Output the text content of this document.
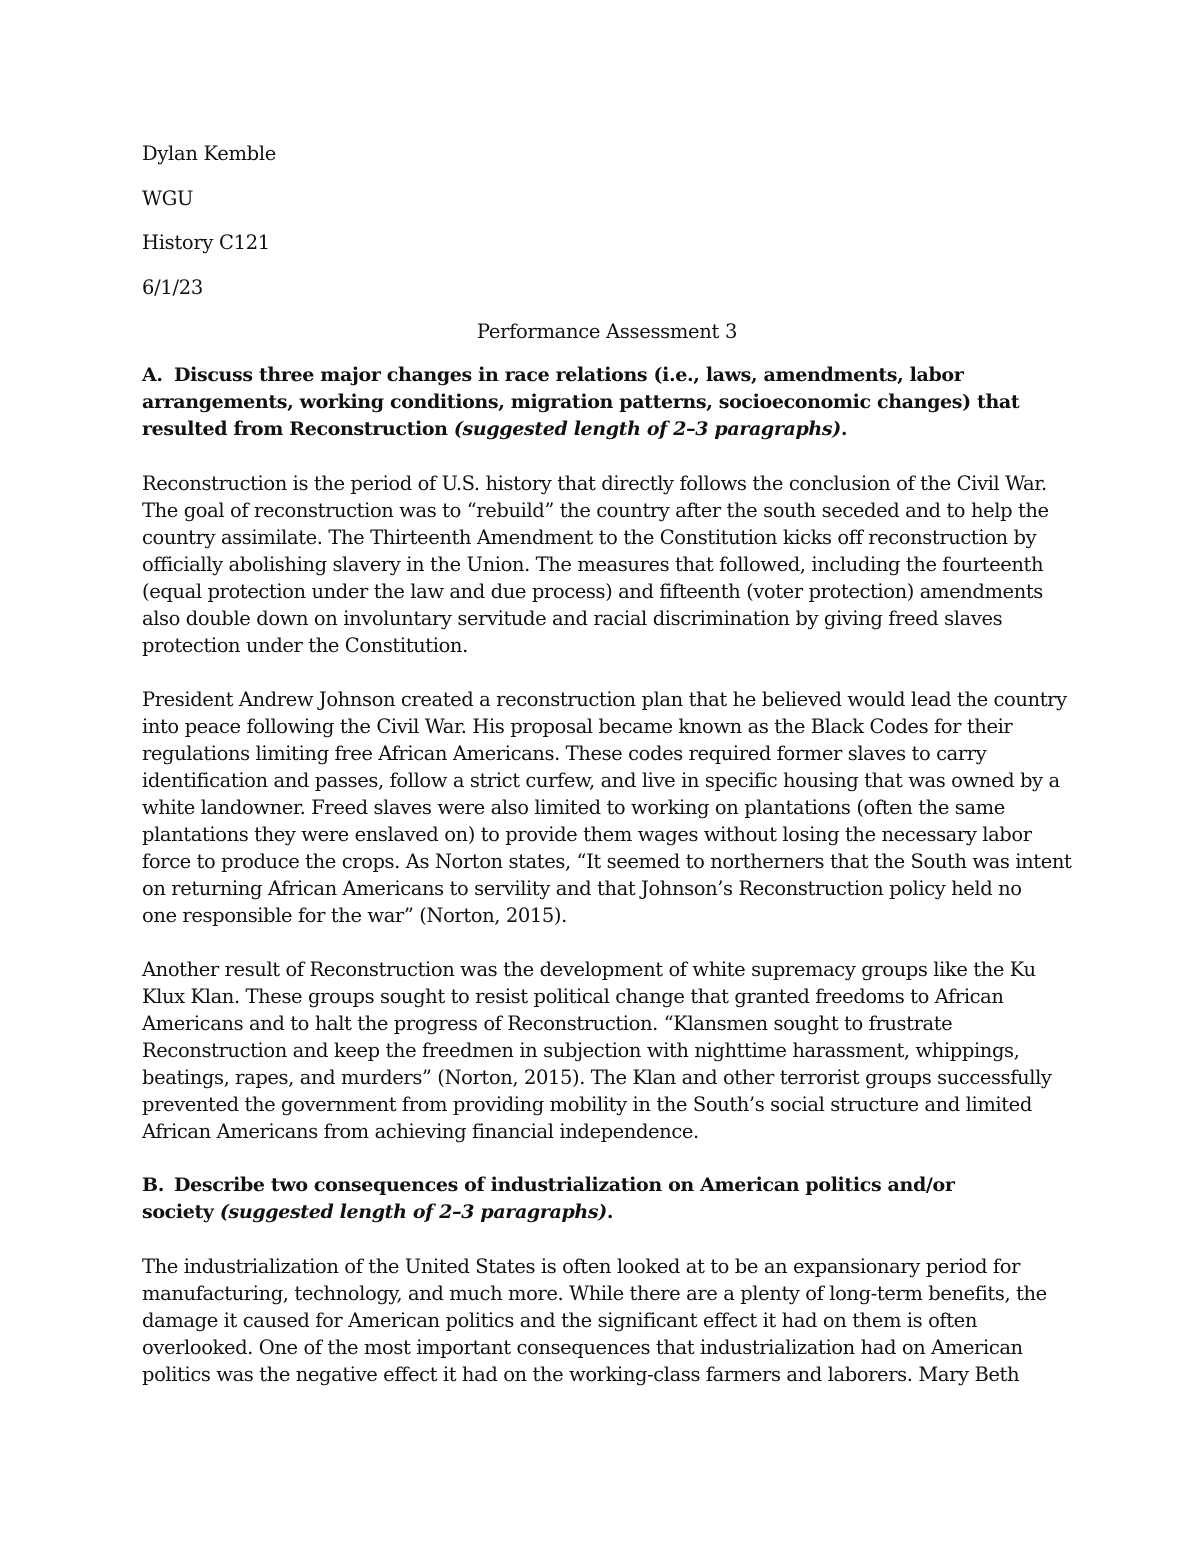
Dylan Kemble
WGU
History C121
6/1/23
Performance Assessment 3
A. Discuss three major changes in race relations (i.e., laws, amendments, labor
arrangements, working conditions, migration patterns, socioeconomic changes) that
resulted from Reconstruction (suggested length of 2–3 paragraphs).
Reconstruction is the period of U.S. history that directly follows the conclusion of the Civil War.
The goal of reconstruction was to “rebuild” the country after the south seceded and to help the
country assimilate. The Thirteenth Amendment to the Constitution kicks off reconstruction by
officially abolishing slavery in the Union. The measures that followed, including the fourteenth
(equal protection under the law and due process) and fifteenth (voter protection) amendments
also double down on involuntary servitude and racial discrimination by giving freed slaves
protection under the Constitution.
President Andrew Johnson created a reconstruction plan that he believed would lead the country
into peace following the Civil War. His proposal became known as the Black Codes for their
regulations limiting free African Americans. These codes required former slaves to carry
identification and passes, follow a strict curfew, and live in specific housing that was owned by a
white landowner. Freed slaves were also limited to working on plantations (often the same
plantations they were enslaved on) to provide them wages without losing the necessary labor
force to produce the crops. As Norton states, “It seemed to northerners that the South was intent
on returning African Americans to servility and that Johnson’s Reconstruction policy held no
one responsible for the war” (Norton, 2015).
Another result of Reconstruction was the development of white supremacy groups like the Ku
Klux Klan. These groups sought to resist political change that granted freedoms to African
Americans and to halt the progress of Reconstruction. “Klansmen sought to frustrate
Reconstruction and keep the freedmen in subjection with nighttime harassment, whippings,
beatings, rapes, and murders” (Norton, 2015). The Klan and other terrorist groups successfully
prevented the government from providing mobility in the South’s social structure and limited
African Americans from achieving financial independence.
B. Describe two consequences of industrialization on American politics and/or
society (suggested length of 2–3 paragraphs).
The industrialization of the United States is often looked at to be an expansionary period for
manufacturing, technology, and much more. While there are a plenty of long-term benefits, the
damage it caused for American politics and the significant effect it had on them is often
overlooked. One of the most important consequences that industrialization had on American
politics was the negative effect it had on the working-class farmers and laborers. Mary Beth
